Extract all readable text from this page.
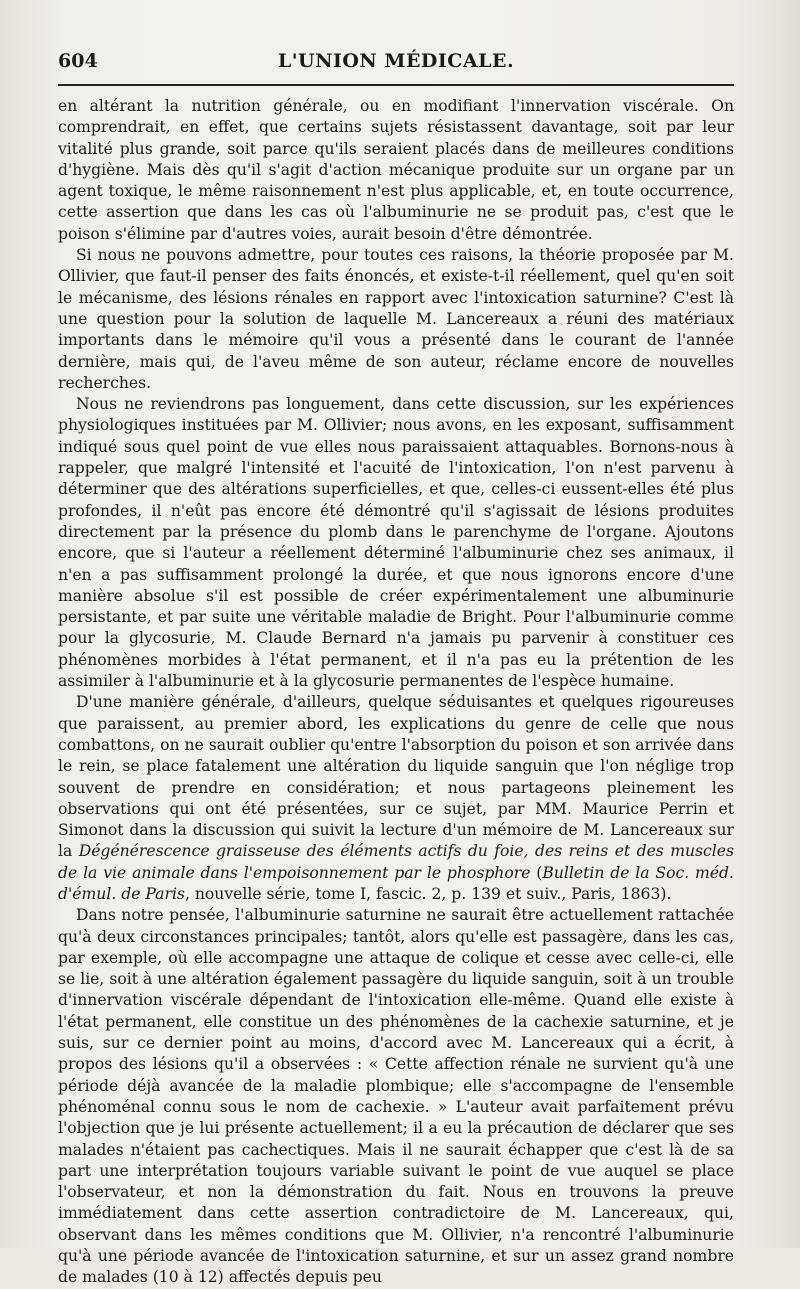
604	L'UNION MÉDICALE.

en altérant la nutrition générale, ou en modifiant l'innervation viscérale. On comprendrait, en effet, que certains sujets résistassent davantage, soit par leur vitalité plus grande, soit parce qu'ils seraient placés dans de meilleures conditions d'hygiène. Mais dès qu'il s'agit d'action mécanique produite sur un organe par un agent toxique, le même raisonnement n'est plus applicable, et, en toute occurrence, cette assertion que dans les cas où l'albuminurie ne se produit pas, c'est que le poison s'élimine par d'autres voies, aurait besoin d'être démontrée.

Si nous ne pouvons admettre, pour toutes ces raisons, la théorie proposée par M. Ollivier, que faut-il penser des faits énoncés, et existe-t-il réellement, quel qu'en soit le mécanisme, des lésions rénales en rapport avec l'intoxication saturnine? C'est là une question pour la solution de laquelle M. Lancereaux a réuni des matériaux importants dans le mémoire qu'il vous a présenté dans le courant de l'année dernière, mais qui, de l'aveu même de son auteur, réclame encore de nouvelles recherches.

Nous ne reviendrons pas longuement, dans cette discussion, sur les expériences physiologiques instituées par M. Ollivier; nous avons, en les exposant, suffisamment indiqué sous quel point de vue elles nous paraissaient attaquables. Bornons-nous à rappeler, que malgré l'intensité et l'acuité de l'intoxication, l'on n'est parvenu à déterminer que des altérations superficielles, et que, celles-ci eussent-elles été plus profondes, il n'eût pas encore été démontré qu'il s'agissait de lésions produites directement par la présence du plomb dans le parenchyme de l'organe. Ajoutons encore, que si l'auteur a réellement déterminé l'albuminurie chez ses animaux, il n'en a pas suffisamment prolongé la durée, et que nous ignorons encore d'une manière absolue s'il est possible de créer expérimentalement une albuminurie persistante, et par suite une véritable maladie de Bright. Pour l'albuminurie comme pour la glycosurie, M. Claude Bernard n'a jamais pu parvenir à constituer ces phénomènes morbides à l'état permanent, et il n'a pas eu la prétention de les assimiler à l'albuminurie et à la glycosurie permanentes de l'espèce humaine.

D'une manière générale, d'ailleurs, quelque séduisantes et quelques rigoureuses que paraissent, au premier abord, les explications du genre de celle que nous combattons, on ne saurait oublier qu'entre l'absorption du poison et son arrivée dans le rein, se place fatalement une altération du liquide sanguin que l'on néglige trop souvent de prendre en considération; et nous partageons pleinement les observations qui ont été présentées, sur ce sujet, par MM. Maurice Perrin et Simonot dans la discussion qui suivit la lecture d'un mémoire de M. Lancereaux sur la Dégénérescence graisseuse des éléments actifs du foie, des reins et des muscles de la vie animale dans l'empoisonnement par le phosphore (Bulletin de la Soc. méd. d'émul. de Paris, nouvelle série, tome I, fascic. 2, p. 139 et suiv., Paris, 1863).

Dans notre pensée, l'albuminurie saturnine ne saurait être actuellement rattachée qu'à deux circonstances principales; tantôt, alors qu'elle est passagère, dans les cas, par exemple, où elle accompagne une attaque de colique et cesse avec celle-ci, elle se lie, soit à une altération également passagère du liquide sanguin, soit à un trouble d'innervation viscérale dépendant de l'intoxication elle-même. Quand elle existe à l'état permanent, elle constitue un des phénomènes de la cachexie saturnine, et je suis, sur ce dernier point au moins, d'accord avec M. Lancereaux qui a écrit, à propos des lésions qu'il a observées : « Cette affection rénale ne survient qu'à une période déjà avancée de la maladie plombique; elle s'accompagne de l'ensemble phénoménal connu sous le nom de cachexie. » L'auteur avait parfaitement prévu l'objection que je lui présente actuellement; il a eu la précaution de déclarer que ses malades n'étaient pas cachectiques. Mais il ne saurait échapper que c'est là de sa part une interprétation toujours variable suivant le point de vue auquel se place l'observateur, et non la démonstration du fait. Nous en trouvons la preuve immédiatement dans cette assertion contradictoire de M. Lancereaux, qui, observant dans les mêmes conditions que M. Ollivier, n'a rencontré l'albuminurie qu'à une période avancée de l'intoxication saturnine, et sur un assez grand nombre de malades (10 à 12) affectés depuis peu
